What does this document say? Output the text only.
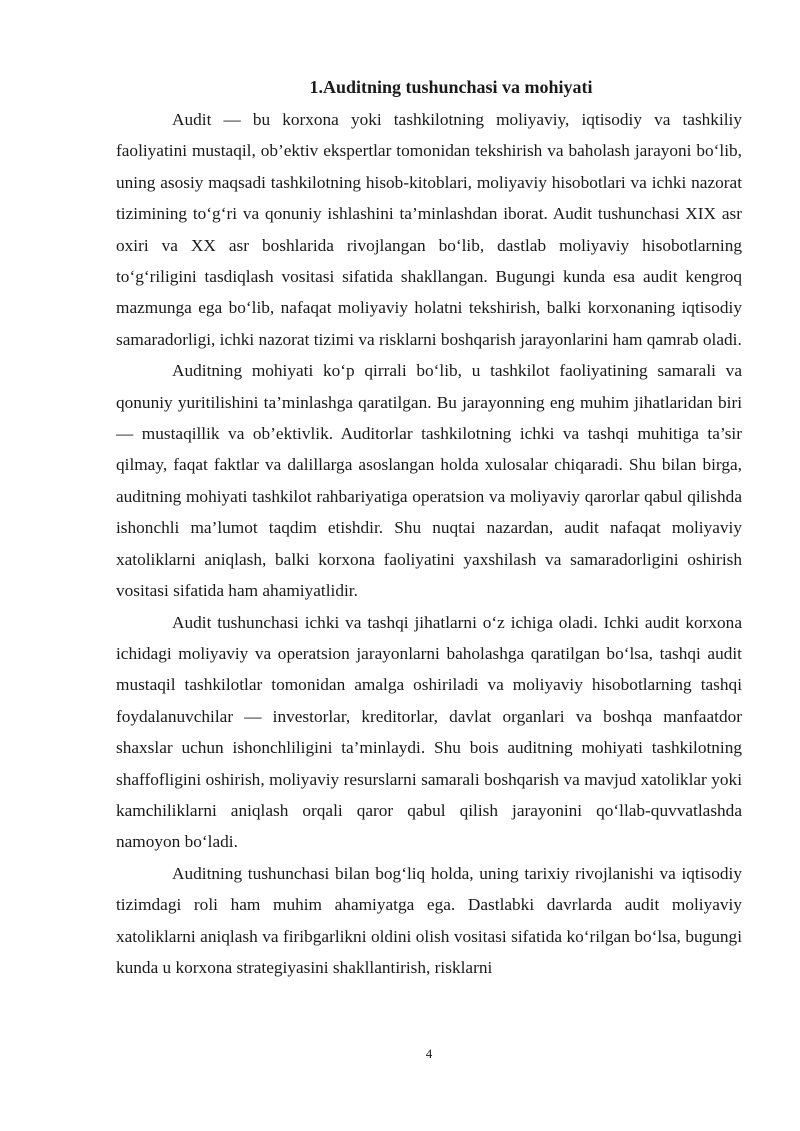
1.Auditning tushunchasi va mohiyati

Audit — bu korxona yoki tashkilotning moliyaviy, iqtisodiy va tashkiliy faoliyatini mustaqil, ob’ektiv ekspertlar tomonidan tekshirish va baholash jarayoni bo‘lib, uning asosiy maqsadi tashkilotning hisob-kitoblari, moliyaviy hisobotlari va ichki nazorat tizimining to‘g‘ri va qonuniy ishlashini ta’minlashdan iborat. Audit tushunchasi XIX asr oxiri va XX asr boshlarida rivojlangan bo‘lib, dastlab moliyaviy hisobotlarning to‘g‘riligini tasdiqlash vositasi sifatida shakllangan. Bugungi kunda esa audit kengroq mazmunga ega bo‘lib, nafaqat moliyaviy holatni tekshirish, balki korxonaning iqtisodiy samaradorligi, ichki nazorat tizimi va risklarni boshqarish jarayonlarini ham qamrab oladi.

Auditning mohiyati ko‘p qirrali bo‘lib, u tashkilot faoliyatining samarali va qonuniy yuritilishini ta’minlashga qaratilgan. Bu jarayonning eng muhim jihatlaridan biri — mustaqillik va ob’ektivlik. Auditorlar tashkilotning ichki va tashqi muhitiga ta’sir qilmay, faqat faktlar va dalillarga asoslangan holda xulosalar chiqaradi. Shu bilan birga, auditning mohiyati tashkilot rahbariyatiga operatsion va moliyaviy qarorlar qabul qilishda ishonchli ma’lumot taqdim etishdir. Shu nuqtai nazardan, audit nafaqat moliyaviy xatoliklarni aniqlash, balki korxona faoliyatini yaxshilash va samaradorligini oshirish vositasi sifatida ham ahamiyatlidir.

Audit tushunchasi ichki va tashqi jihatlarni o‘z ichiga oladi. Ichki audit korxona ichidagi moliyaviy va operatsion jarayonlarni baholashga qaratilgan bo‘lsa, tashqi audit mustaqil tashkilotlar tomonidan amalga oshiriladi va moliyaviy hisobotlarning tashqi foydalanuvchilar — investorlar, kreditorlar, davlat organlari va boshqa manfaatdor shaxslar uchun ishonchliligini ta’minlaydi. Shu bois auditning mohiyati tashkilotning shaffofligini oshirish, moliyaviy resurslarni samarali boshqarish va mavjud xatoliklar yoki kamchiliklarni aniqlash orqali qaror qabul qilish jarayonini qo‘llab-quvvatlashda namoyon bo‘ladi.

Auditning tushunchasi bilan bog‘liq holda, uning tarixiy rivojlanishi va iqtisodiy tizimdagi roli ham muhim ahamiyatga ega. Dastlabki davrlarda audit moliyaviy xatoliklarni aniqlash va firibgarlikni oldini olish vositasi sifatida ko‘rilgan bo‘lsa, bugungi kunda u korxona strategiyasini shakllantirish, risklarni

4
